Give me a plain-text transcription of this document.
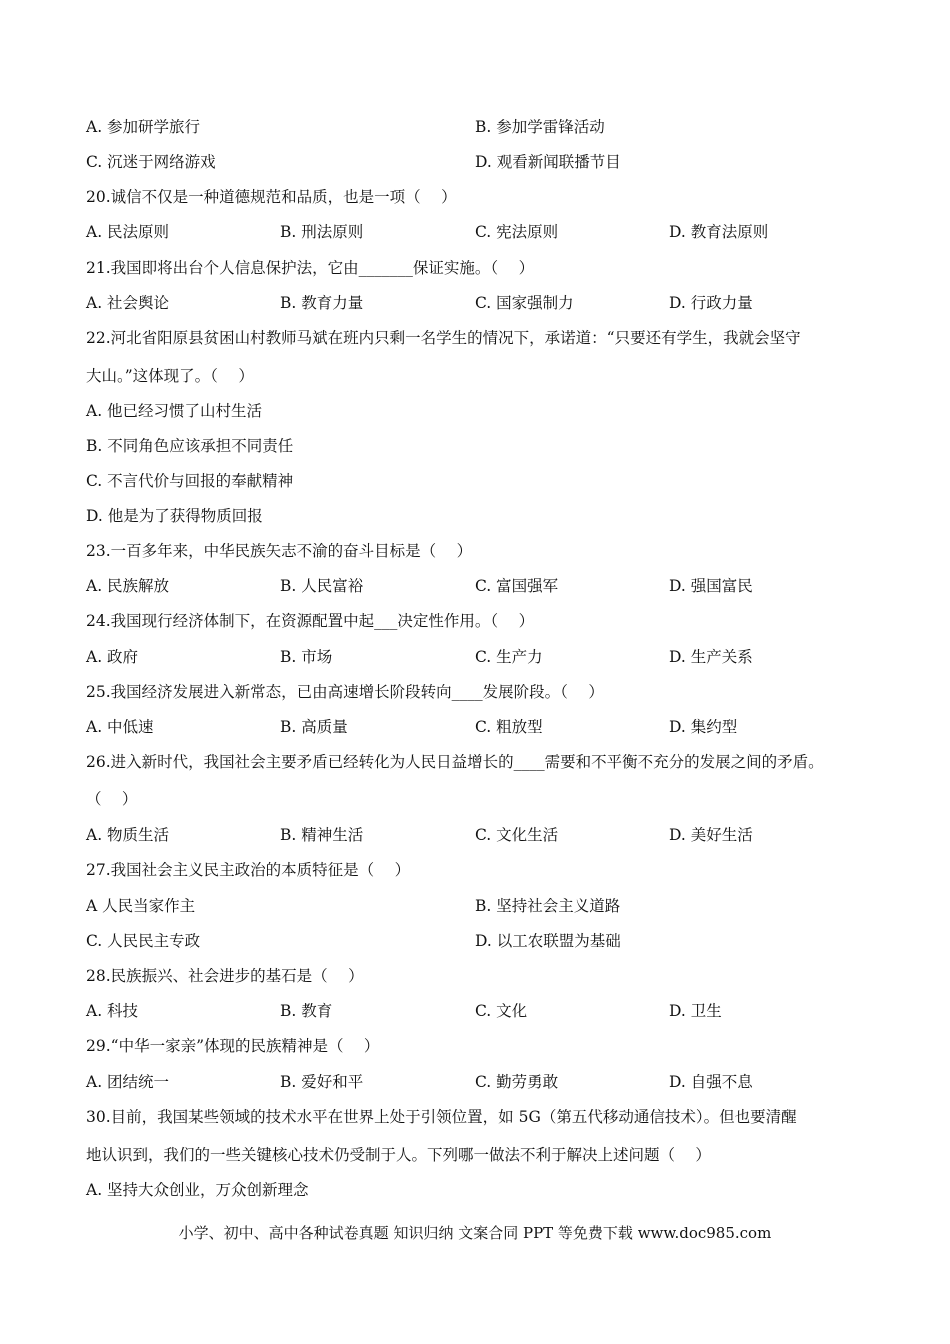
A. 参加研学旅行	B. 参加学雷锋活动
C. 沉迷于网络游戏	D. 观看新闻联播节目
20.诚信不仅是一种道德规范和品质，也是一项（　 ）
A. 民法原则	B. 刑法原则	C. 宪法原则	D. 教育法原则
21.我国即将出台个人信息保护法，它由_______保证实施。（　 ）
A. 社会舆论	B. 教育力量	C. 国家强制力	D. 行政力量
22.河北省阳原县贫困山村教师马斌在班内只剩一名学生的情况下，承诺道：“只要还有学生，我就会坚守
大山。”这体现了。（　 ）
A. 他已经习惯了山村生活
B. 不同角色应该承担不同责任
C. 不言代价与回报的奉献精神
D. 他是为了获得物质回报
23.一百多年来，中华民族矢志不渝的奋斗目标是（　 ）
A. 民族解放	B. 人民富裕	C. 富国强军	D. 强国富民
24.我国现行经济体制下，在资源配置中起___决定性作用。（　 ）
A. 政府	B. 市场	C. 生产力	D. 生产关系
25.我国经济发展进入新常态，已由高速增长阶段转向____发展阶段。（　 ）
A. 中低速	B. 高质量	C. 粗放型	D. 集约型
26.进入新时代，我国社会主要矛盾已经转化为人民日益增长的____需要和不平衡不充分的发展之间的矛盾。
（　 ）
A. 物质生活	B. 精神生活	C. 文化生活	D. 美好生活
27.我国社会主义民主政治的本质特征是（　 ）
A 人民当家作主	B. 坚持社会主义道路
C. 人民民主专政	D. 以工农联盟为基础
28.民族振兴、社会进步的基石是（　 ）
A. 科技	B. 教育	C. 文化	D. 卫生
29.“中华一家亲”体现的民族精神是（　 ）
A. 团结统一	B. 爱好和平	C. 勤劳勇敢	D. 自强不息
30.目前，我国某些领域的技术水平在世界上处于引领位置，如 5G（第五代移动通信技术）。但也要清醒
地认识到，我们的一些关键核心技术仍受制于人。下列哪一做法不利于解决上述问题（　 ）
A. 坚持大众创业，万众创新理念
小学、初中、高中各种试卷真题 知识归纳 文案合同 PPT 等免费下载 www.doc985.com
